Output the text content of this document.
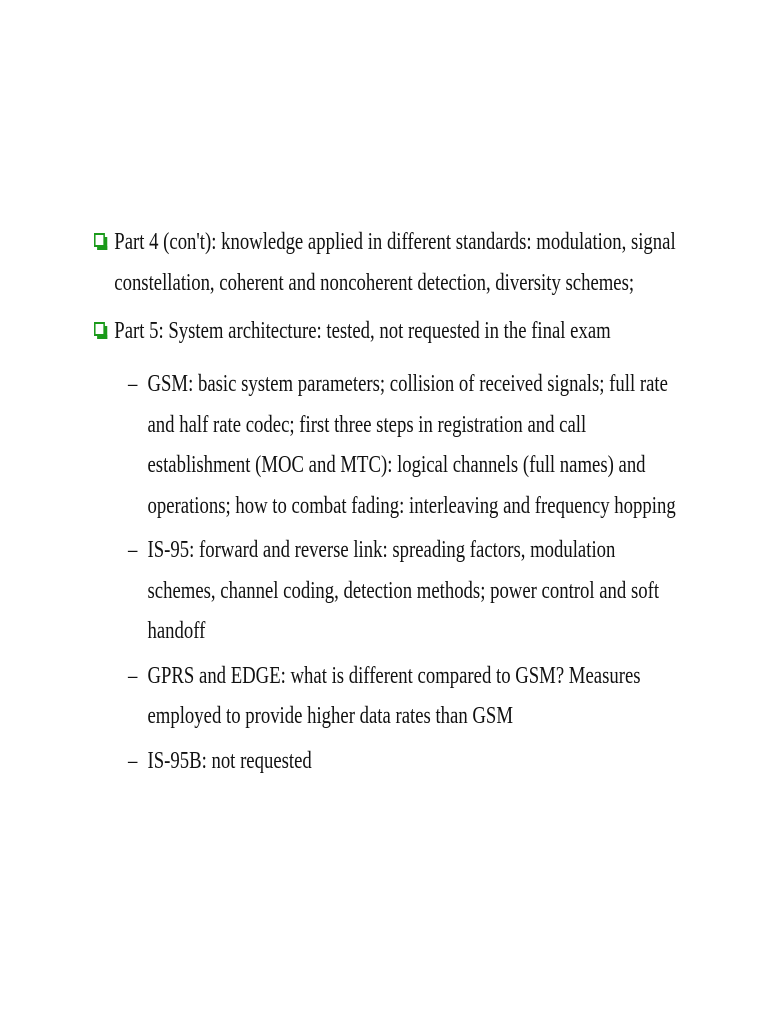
Part 4 (con't): knowledge applied in different standards: modulation, signal constellation, coherent and noncoherent detection, diversity schemes;
Part 5: System architecture: tested, not requested in the final exam
– GSM: basic system parameters; collision of received signals; full rate and half rate codec; first three steps in registration and call establishment (MOC and MTC): logical channels (full names) and operations; how to combat fading: interleaving and frequency hopping
– IS-95: forward and reverse link: spreading factors, modulation schemes, channel coding, detection methods; power control and soft handoff
– GPRS and EDGE: what is different compared to GSM? Measures employed to provide higher data rates than GSM
– IS-95B: not requested
